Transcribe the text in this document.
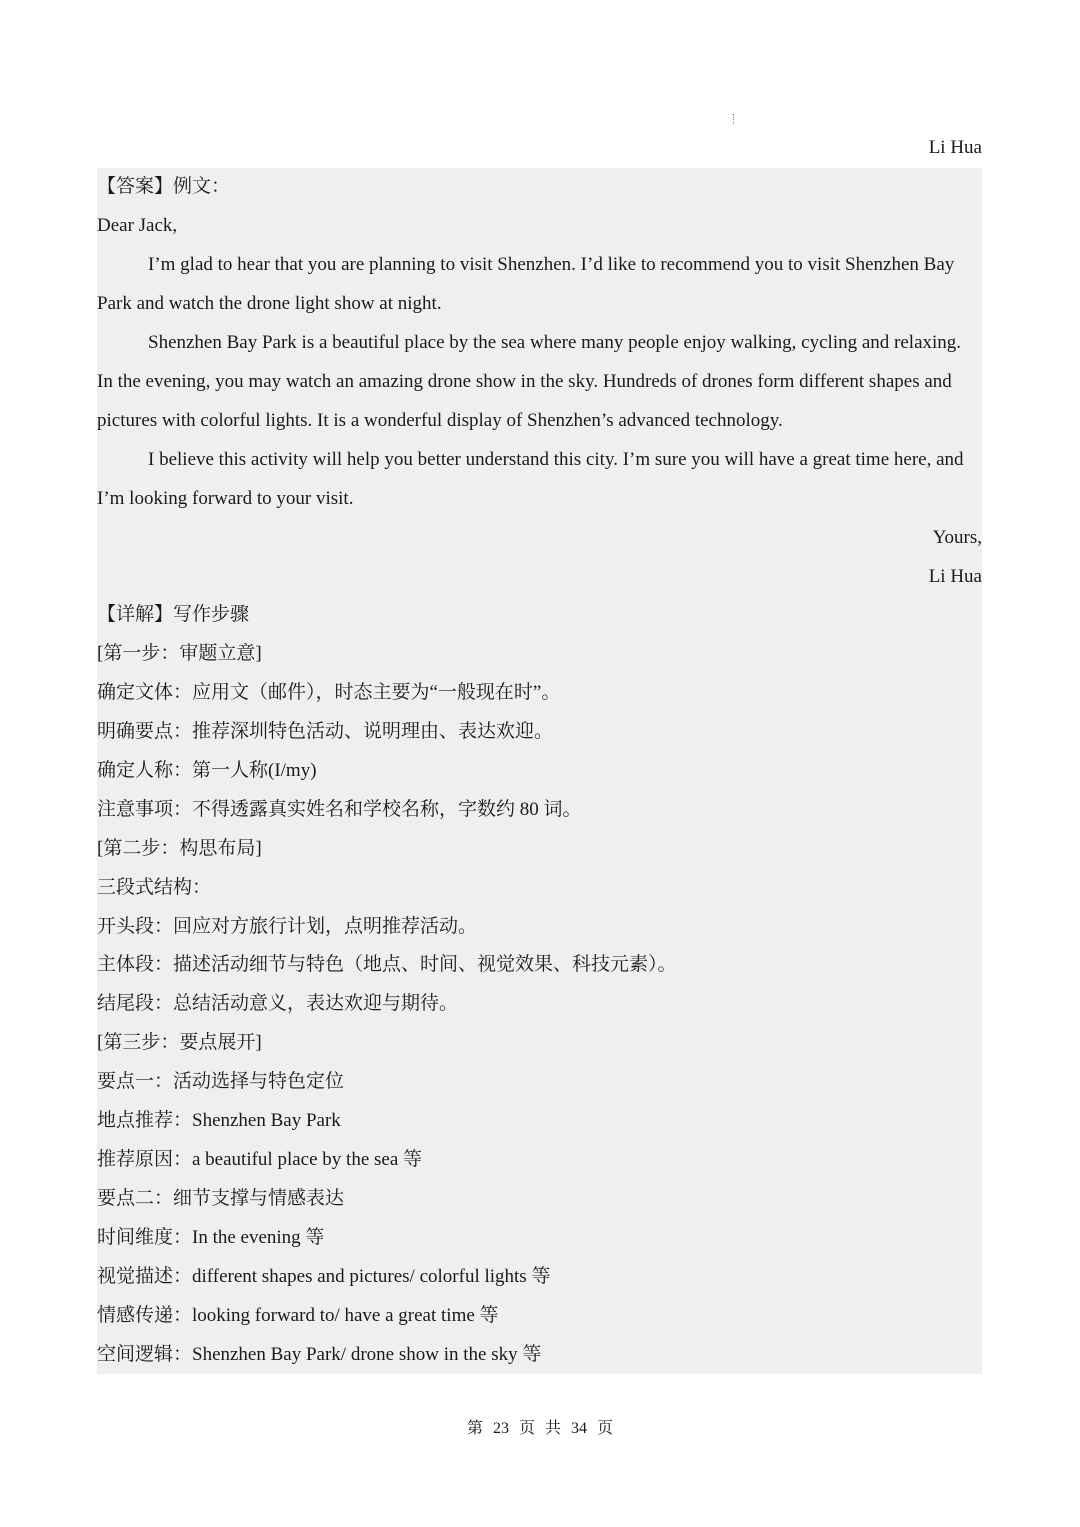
Li Hua
【答案】例文：
Dear Jack,
I’m glad to hear that you are planning to visit Shenzhen. I’d like to recommend you to visit Shenzhen Bay
Park and watch the drone light show at night.
Shenzhen Bay Park is a beautiful place by the sea where many people enjoy walking, cycling and relaxing.
In the evening, you may watch an amazing drone show in the sky. Hundreds of drones form different shapes and
pictures with colorful lights. It is a wonderful display of Shenzhen’s advanced technology.
I believe this activity will help you better understand this city. I’m sure you will have a great time here, and
I’m looking forward to your visit.
Yours,
Li Hua
【详解】写作步骤
[第一步：审题立意]
确定文体：应用文（邮件），时态主要为“一般现在时”。
明确要点：推荐深圳特色活动、说明理由、表达欢迎。
确定人称：第一人称(I/my)
注意事项：不得透露真实姓名和学校名称，字数约 80 词。
[第二步：构思布局]
三段式结构：
开头段：回应对方旅行计划，点明推荐活动。
主体段：描述活动细节与特色（地点、时间、视觉效果、科技元素）。
结尾段：总结活动意义，表达欢迎与期待。
[第三步：要点展开]
要点一：活动选择与特色定位
地点推荐：Shenzhen Bay Park
推荐原因：a beautiful place by the sea 等
要点二：细节支撑与情感表达
时间维度：In the evening 等
视觉描述：different shapes and pictures/ colorful lights 等
情感传递：looking forward to/ have a great time 等
空间逻辑：Shenzhen Bay Park/ drone show in the sky 等
第 23 页 共 34 页
